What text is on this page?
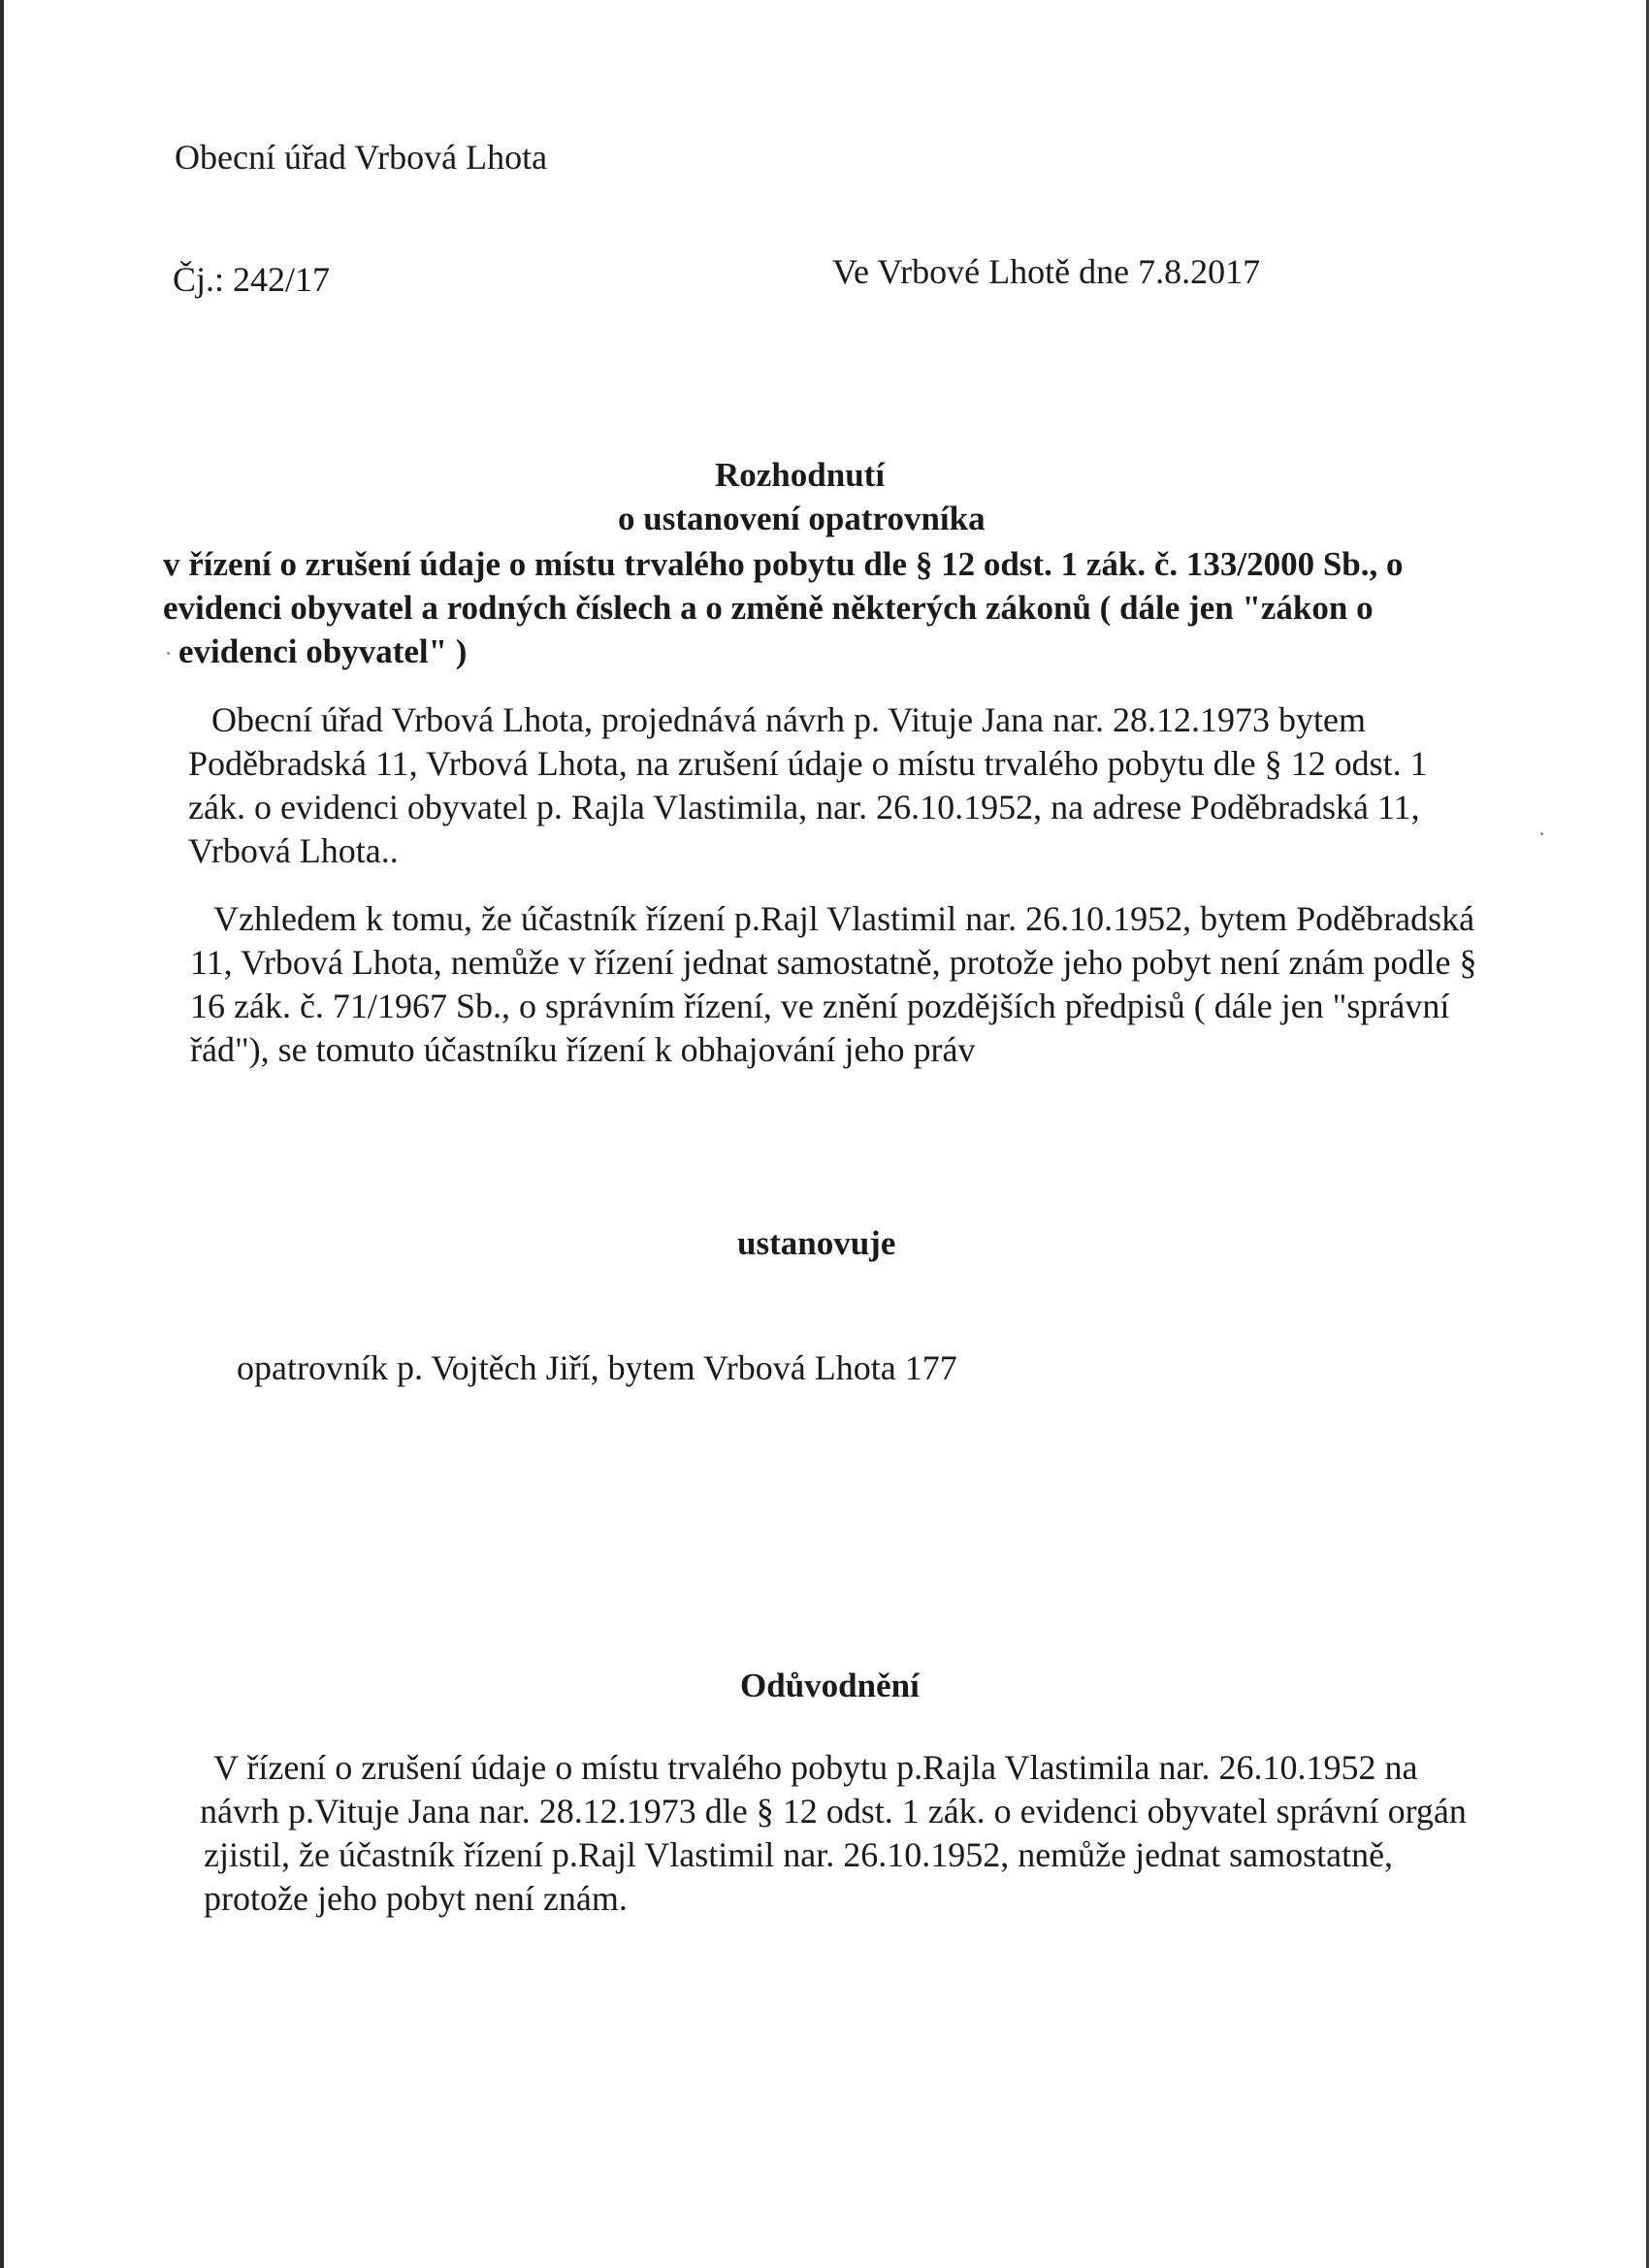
Obecní úřad Vrbová Lhota
Čj.: 242/17	Ve Vrbové Lhotě dne 7.8.2017
Rozhodnutí
o ustanovení opatrovníka
v řízení o zrušení údaje o místu trvalého pobytu dle § 12 odst. 1 zák. č. 133/2000 Sb., o
evidenci obyvatel a rodných číslech a o změně některých zákonů ( dále jen "zákon o
evidenci obyvatel" )
Obecní úřad Vrbová Lhota, projednává návrh p. Vituje Jana nar. 28.12.1973 bytem
Poděbradská 11, Vrbová Lhota, na zrušení údaje o místu trvalého pobytu dle § 12 odst. 1
zák. o evidenci obyvatel p. Rajla Vlastimila, nar. 26.10.1952, na adrese Poděbradská 11,
Vrbová Lhota..
Vzhledem k tomu, že účastník řízení p.Rajl Vlastimil nar. 26.10.1952, bytem Poděbradská
11, Vrbová Lhota, nemůže v řízení jednat samostatně, protože jeho pobyt není znám podle §
16 zák. č. 71/1967 Sb., o správním řízení, ve znění pozdějších předpisů ( dále jen "správní
řád"), se tomuto účastníku řízení k obhajování jeho práv
ustanovuje
opatrovník p. Vojtěch Jiří, bytem Vrbová Lhota 177
Odůvodnění
V řízení o zrušení údaje o místu trvalého pobytu p.Rajla Vlastimila nar. 26.10.1952 na
návrh p.Vituje Jana nar. 28.12.1973 dle § 12 odst. 1 zák. o evidenci obyvatel správní orgán
zjistil, že účastník řízení p.Rajl Vlastimil nar. 26.10.1952, nemůže jednat samostatně,
protože jeho pobyt není znám.
